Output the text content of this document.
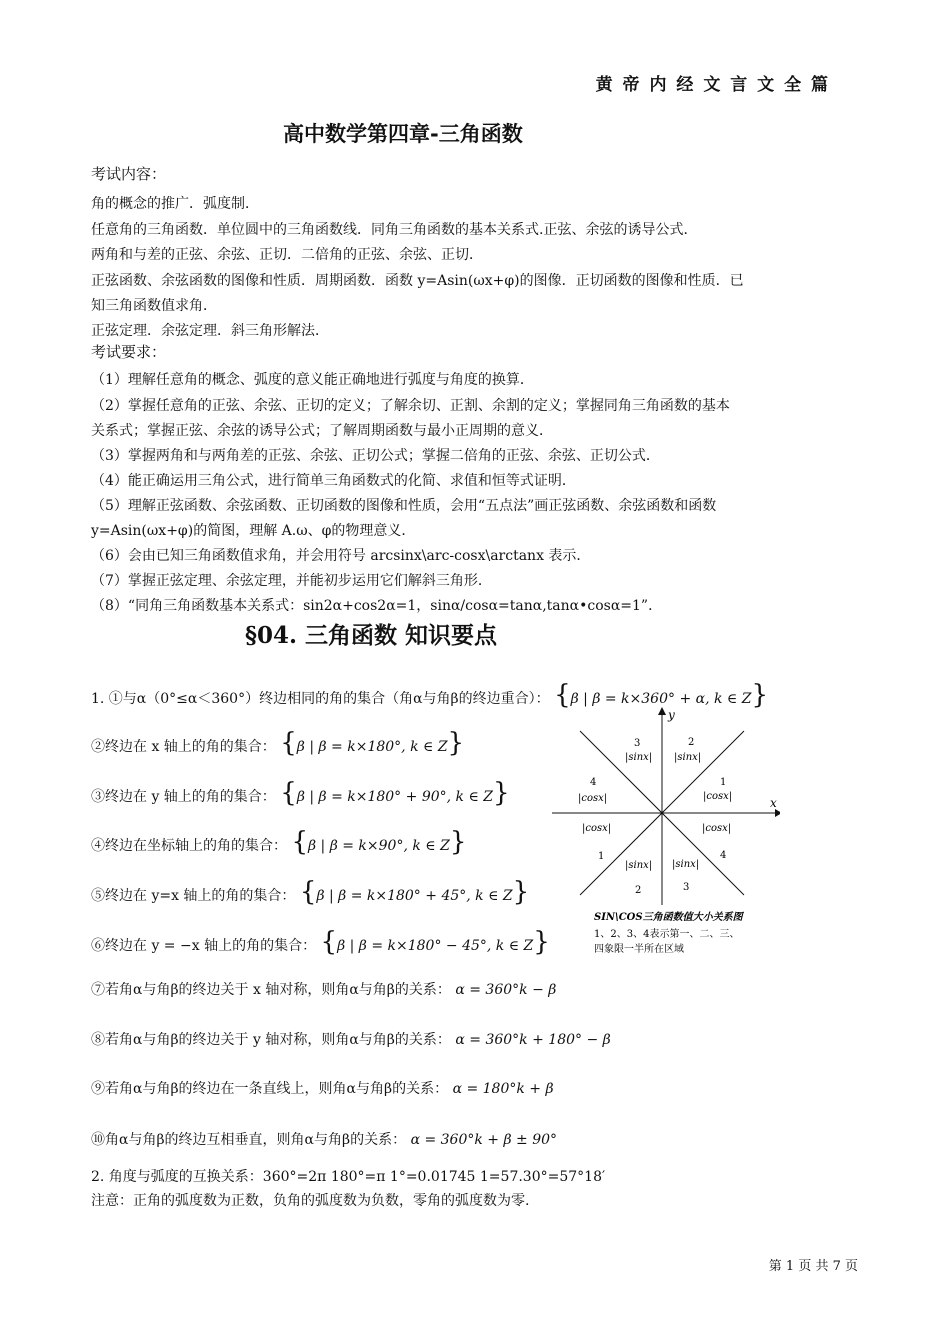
黄 帝 内 经 文 言 文 全 篇
高中数学第四章-三角函数
考试内容：
角的概念的推广．弧度制．
任意角的三角函数．单位圆中的三角函数线．同角三角函数的基本关系式.正弦、余弦的诱导公式．
两角和与差的正弦、余弦、正切．二倍角的正弦、余弦、正切．
正弦函数、余弦函数的图像和性质．周期函数．函数 y=Asin(ωx+φ)的图像．正切函数的图像和性质．已
知三角函数值求角．
正弦定理．余弦定理．斜三角形解法．
考试要求：
（1）理解任意角的概念、弧度的意义能正确地进行弧度与角度的换算．
（2）掌握任意角的正弦、余弦、正切的定义；了解余切、正割、余割的定义；掌握同角三角函数的基本
关系式；掌握正弦、余弦的诱导公式；了解周期函数与最小正周期的意义．
（3）掌握两角和与两角差的正弦、余弦、正切公式；掌握二倍角的正弦、余弦、正切公式．
（4）能正确运用三角公式，进行简单三角函数式的化简、求值和恒等式证明．
（5）理解正弦函数、余弦函数、正切函数的图像和性质，会用“五点法”画正弦函数、余弦函数和函数
y=Asin(ωx+φ)的简图，理解 A.ω、φ的物理意义．
（6）会由已知三角函数值求角，并会用符号 arcsinx\arc-cosx\arctanx 表示．
（7）掌握正弦定理、余弦定理，并能初步运用它们解斜三角形．
（8）“同角三角函数基本关系式：sin2α+cos2α=1，sinα/cosα=tanα,tanα•cosα=1”．
§04. 三角函数 知识要点
1. ①与α（0°≤α＜360°）终边相同的角的集合（角α与角β的终边重合）： {β | β = k×360° + α, k ∈ Z}
②终边在 x 轴上的角的集合： {β | β = k×180°, k ∈ Z}
③终边在 y 轴上的角的集合： {β | β = k×180° + 90°, k ∈ Z}
④终边在坐标轴上的角的集合： {β | β = k×90°, k ∈ Z}
⑤终边在 y=x 轴上的角的集合： {β | β = k×180° + 45°, k ∈ Z}
⑥终边在 y = −x 轴上的角的集合： {β | β = k×180° − 45°, k ∈ Z}
⑦若角α与角β的终边关于 x 轴对称，则角α与角β的关系： α = 360°k − β
⑧若角α与角β的终边关于 y 轴对称，则角α与角β的关系： α = 360°k + 180° − β
⑨若角α与角β的终边在一条直线上，则角α与角β的关系： α = 180°k + β
⑩角α与角β的终边互相垂直，则角α与角β的关系： α = 360°k + β ± 90°
2. 角度与弧度的互换关系：360°=2π 180°=π 1°=0.01745 1=57.30°=57°18′
注意：正角的弧度数为正数，负角的弧度数为负数，零角的弧度数为零.
y
x
3	2
4	1
1	4
2	3
|sinx| |sinx|
|cosx|	|cosx|
|cosx|	|cosx|
|sinx| |sinx|
SIN\COS三角函数值大小关系图
1、2、3、4表示第一、二、三、
四象限一半所在区域
第 1 页 共 7 页
